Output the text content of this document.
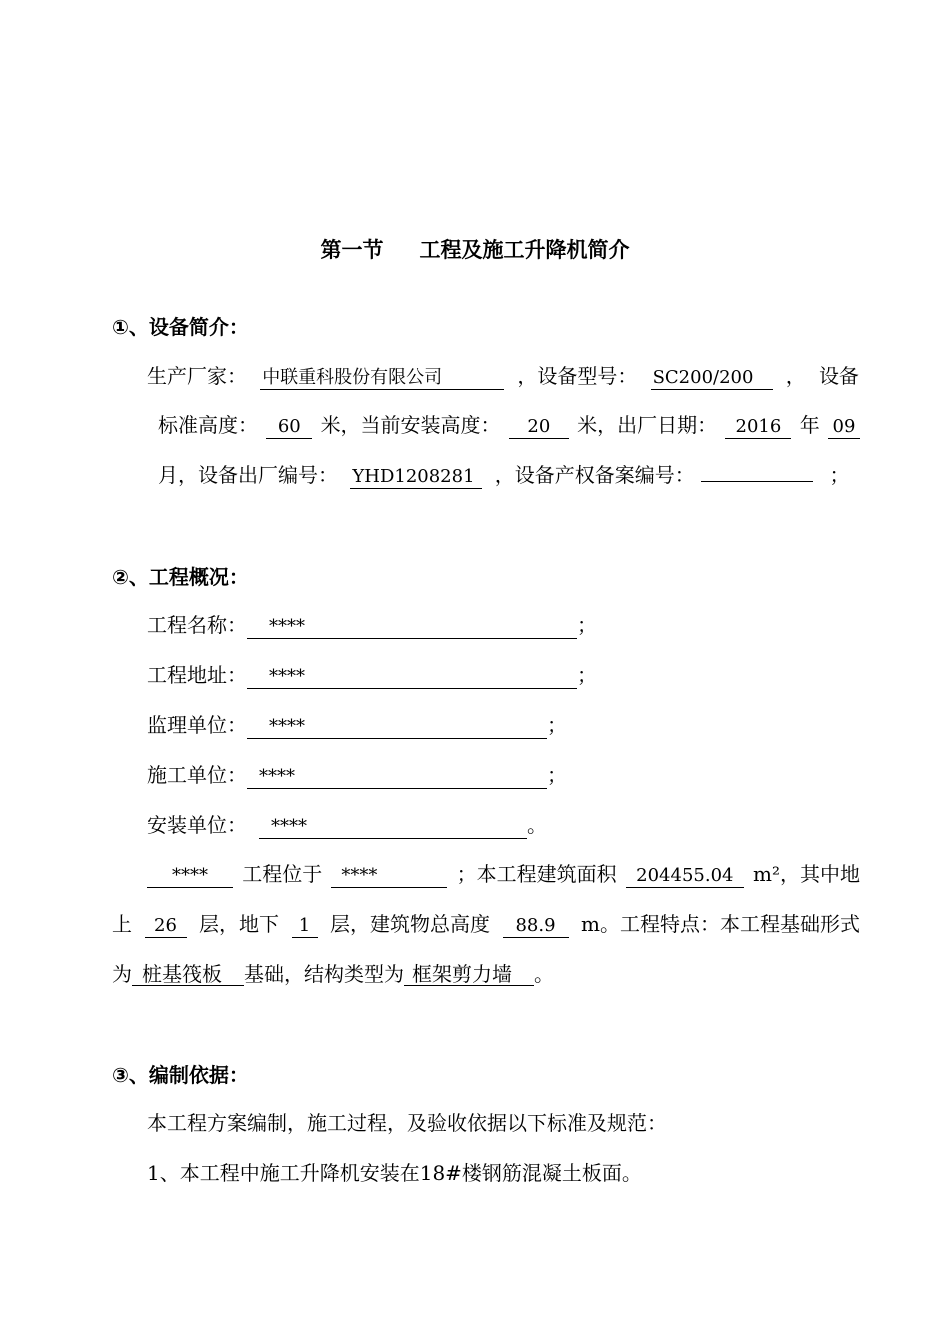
第一节 工程及施工升降机简介
①、设备简介：
生产厂家： 中联重科股份有限公司	，设备型号： SC200/200	， 设备
标准高度：	60 米，当前安装高度：	20	米，出厂日期：	2016 年 09
月，设备出厂编号： YHD1208281 ，设备产权备案编号：	；
②、工程概况：
工程名称： ****	；
工程地址： ****	；
监理单位： ****	；
施工单位： ****	；
安装单位： ****	。
****	工程位于	****	；本工程建筑面积	204455.04 m²，其中地
上	26	层，地下	1 层，建筑物总高度	88.9	m。工程特点：本工程基础形式
为 桩基筏板 基础，结构类型为 框架剪力墙 。
③、编制依据：
本工程方案编制，施工过程，及验收依据以下标准及规范：
1、本工程中施工升降机安装在18#楼钢筋混凝土板面。
